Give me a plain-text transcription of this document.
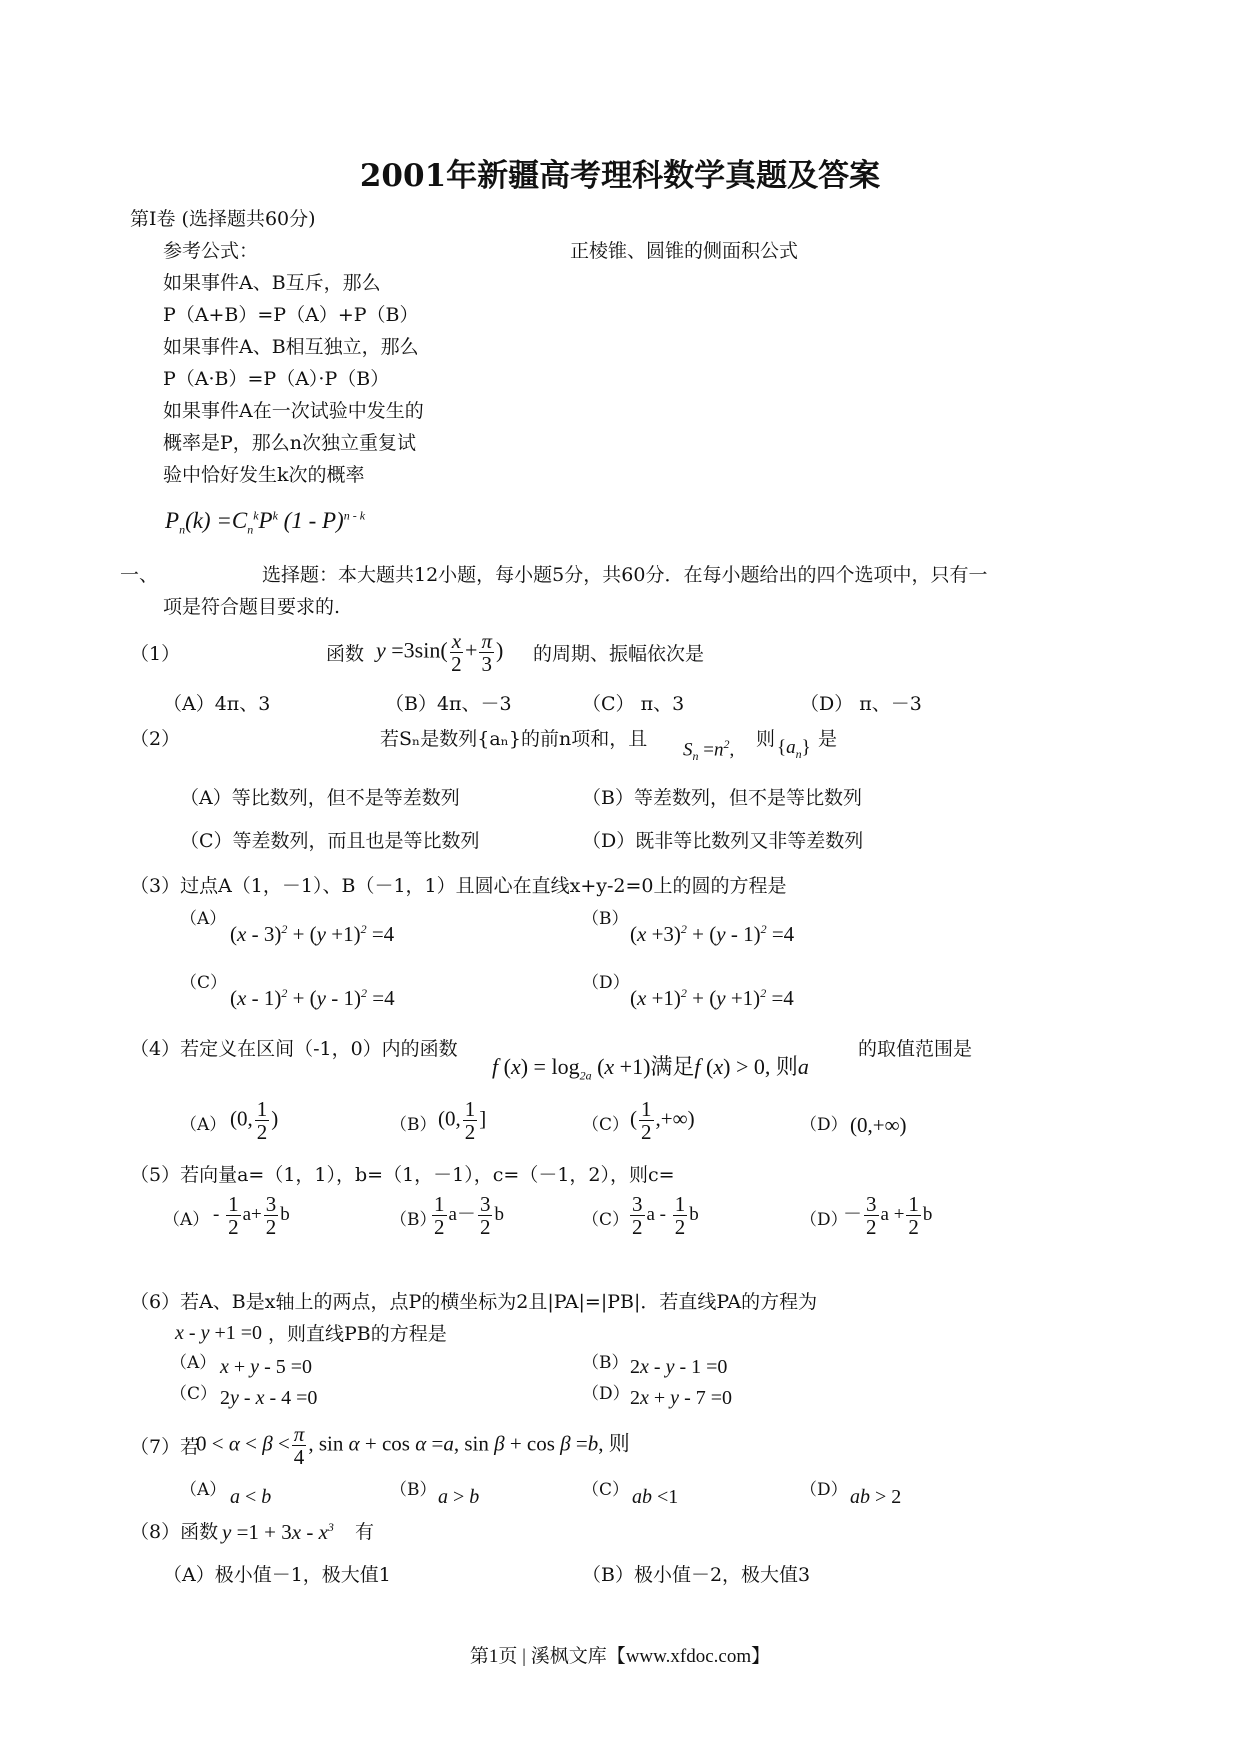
2001年新疆高考理科数学真题及答案
第Ⅰ卷 (选择题共60分)
参考公式：	正棱锥、圆锥的侧面积公式
如果事件A、B互斥，那么
P（A+B）=P（A）+P（B）
如果事件A、B相互独立，那么
P（A·B）=P（A）·P（B）
如果事件A在一次试验中发生的
概率是P，那么n次独立重复试
验中恰好发生k次的概率
$P_n(k) =C_n^kP^k$ (1 - P)$^{n - k}$
一、	选择题：本大题共12小题，每小题5分，共60分．在每小题给出的四个选项中，只有一
项是符合题目要求的.
（1）	函数 $y =3\sin( \frac{x}{2} + \frac{\pi}{3}$ ) 的周期、振幅依次是
（A）4π、3	（B）4π、－3	（C） π、3	（D） π、－3
（2）	若Sₙ是数列{aₙ}的前n项和，且 $S_n =n^2$, 则 $\{a_n\}$ 是
（A）等比数列，但不是等差数列	（B）等差数列，但不是等比数列
（C）等差数列，而且也是等比数列	（D）既非等比数列又非等差数列
（3）过点A（1，－1）、B（－1，1）且圆心在直线x+y-2=0上的圆的方程是
（A）
$(x - 3)^2 + (y +1)^2 =4$
（B）
$(x +3)^2 + (y - 1)^2 =4$
（C）
(x - 1)$^2$ + (y - 1)$^2$ =4
（D）
$(x +1)^2 + (y +1)^2 =4$
（4）若定义在区间（-1，0）内的函数
f $(x) = \log_{2a} (x +1)$满足f (x) > 0, 则a
的取值范围是
（A） (0, $\frac{1}{2}$ )	（B） (0, $\frac{1}{2}$ ]	（C） ( $\frac{1}{2}$ ,+∞)	（D） (0,+∞)
（5）若向量a=（1，1），b=（1，－1），c=（－1，2），则c=
$(A) - \frac{1}{2} a+ \frac{3}{2}$ b	（B）
$\frac{1}{2} a- \frac{3}{2}$ b	$(C) \frac{3}{2}$ a - $\frac{1}{2}$ b	（D）
－ $\frac{3}{2}$ $a + \frac{1}{2}$ b
（6）若A、B是x轴上的两点，点P的横坐标为2且|PA|=|PB|．若直线PA的方程为
x - y +1 =0 ，则直线PB的方程是
（A） x + y - 5 =0	（B） 2x - y - 1 =0
（C） 2y - x - 4 =0	（D） 2x + y - 7 =0
（7）若
$0 < \alpha < \beta < \frac{\pi}{4}$ , sin α + cos α =a, sin β + cos β =b, 则
（A） a < b	（B） a > b	（C） ab <1	（D） ab > 2
（8）函数 $y =1 + 3x - x^3$ 有
（A）极小值－1，极大值1	（B）极小值－2，极大值3
第1页 | 溪枫文库【www.xfdoc.com】
